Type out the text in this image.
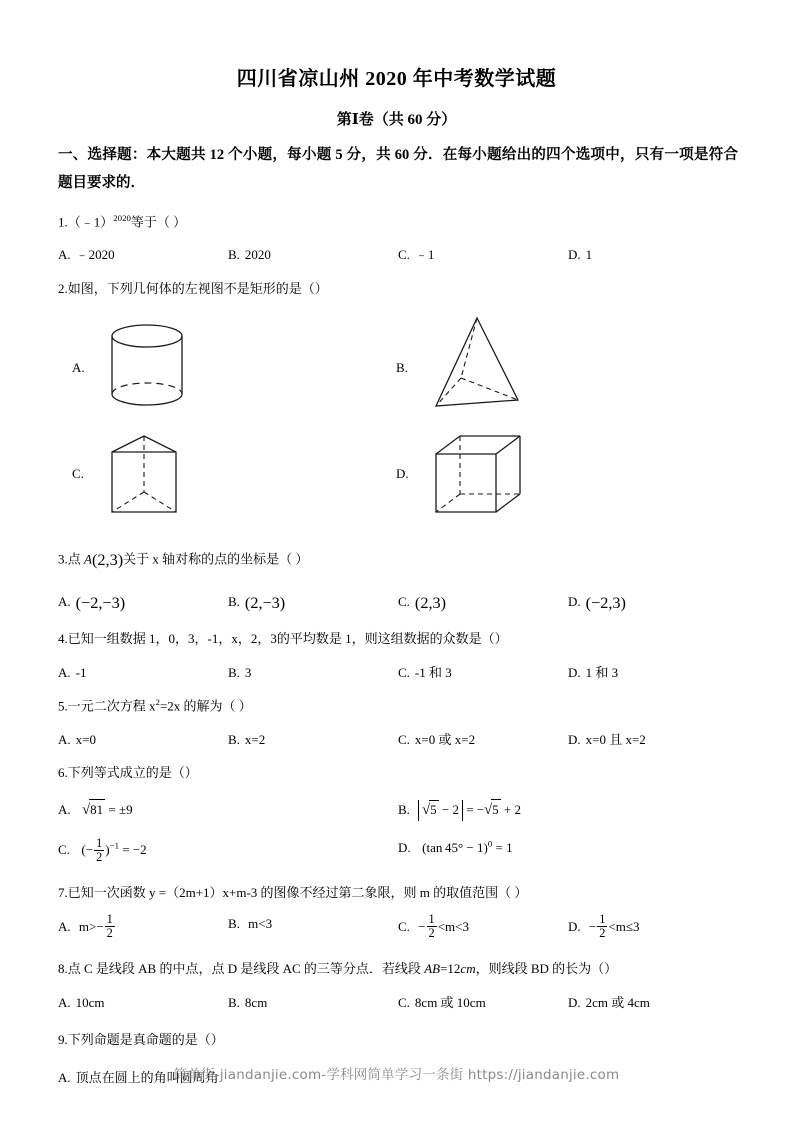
四川省凉山州 2020 年中考数学试题
第Ⅰ卷（共 60 分）
一、选择题：本大题共 12 个小题，每小题 5 分，共 60 分．在每小题给出的四个选项中，只有一项是符合题目要求的．
1.（﹣1）$^{2020}$等于（ ）
A. ﹣2020	B. 2020	C. ﹣1	D. 1
2.如图，下列几何体的左视图不是矩形的是（）
A.	B.
C.	D.
3.点 A(2,3)关于 x 轴对称的点的坐标是（ ）
A. (−2,−3)	B. (2,−3)	C. (2,3)	D. (−2,3)
4.已知一组数据 1，0，3，-1，x，2，3的平均数是 1，则这组数据的众数是（）
A. -1	B. 3	C. -1 和 3	D. 1 和 3
5.一元二次方程 $x^2=2x$ 的解为（ ）
A. x=0	B. x=2	C. x=0 或 x=2	D. x=0 且 x=2
6.下列等式成立的是（）
A. √81 = ±9	B. √5 − 2 = −√5 + 2
C.  (− $\frac{1}{2} )^{-1} = -2$	D.  (tan 45° − 1)$^0$ = 1
7.已知一次函数 y =（2m+1）x+m-3 的图像不经过第二象限，则 m 的取值范围（ ）
A. $m>- \frac{1}{2}$	B. m<3	C. − $\frac{1}{2} <m<3$	D. − $\frac{1}{2} <m\le 3$
8.点 C 是线段 AB 的中点，点 D 是线段 AC 的三等分点．若线段 AB=12cm，则线段 BD 的长为（）
A. 10cm	B. 8cm	C. 8cm 或 10cm	D. 2cm 或 4cm
9.下列命题是真命题的是（）
A. 顶点在圆上的角叫圆周角
简单街-jiandanjie.com-学科网简单学习一条街 https://jiandanjie.com
